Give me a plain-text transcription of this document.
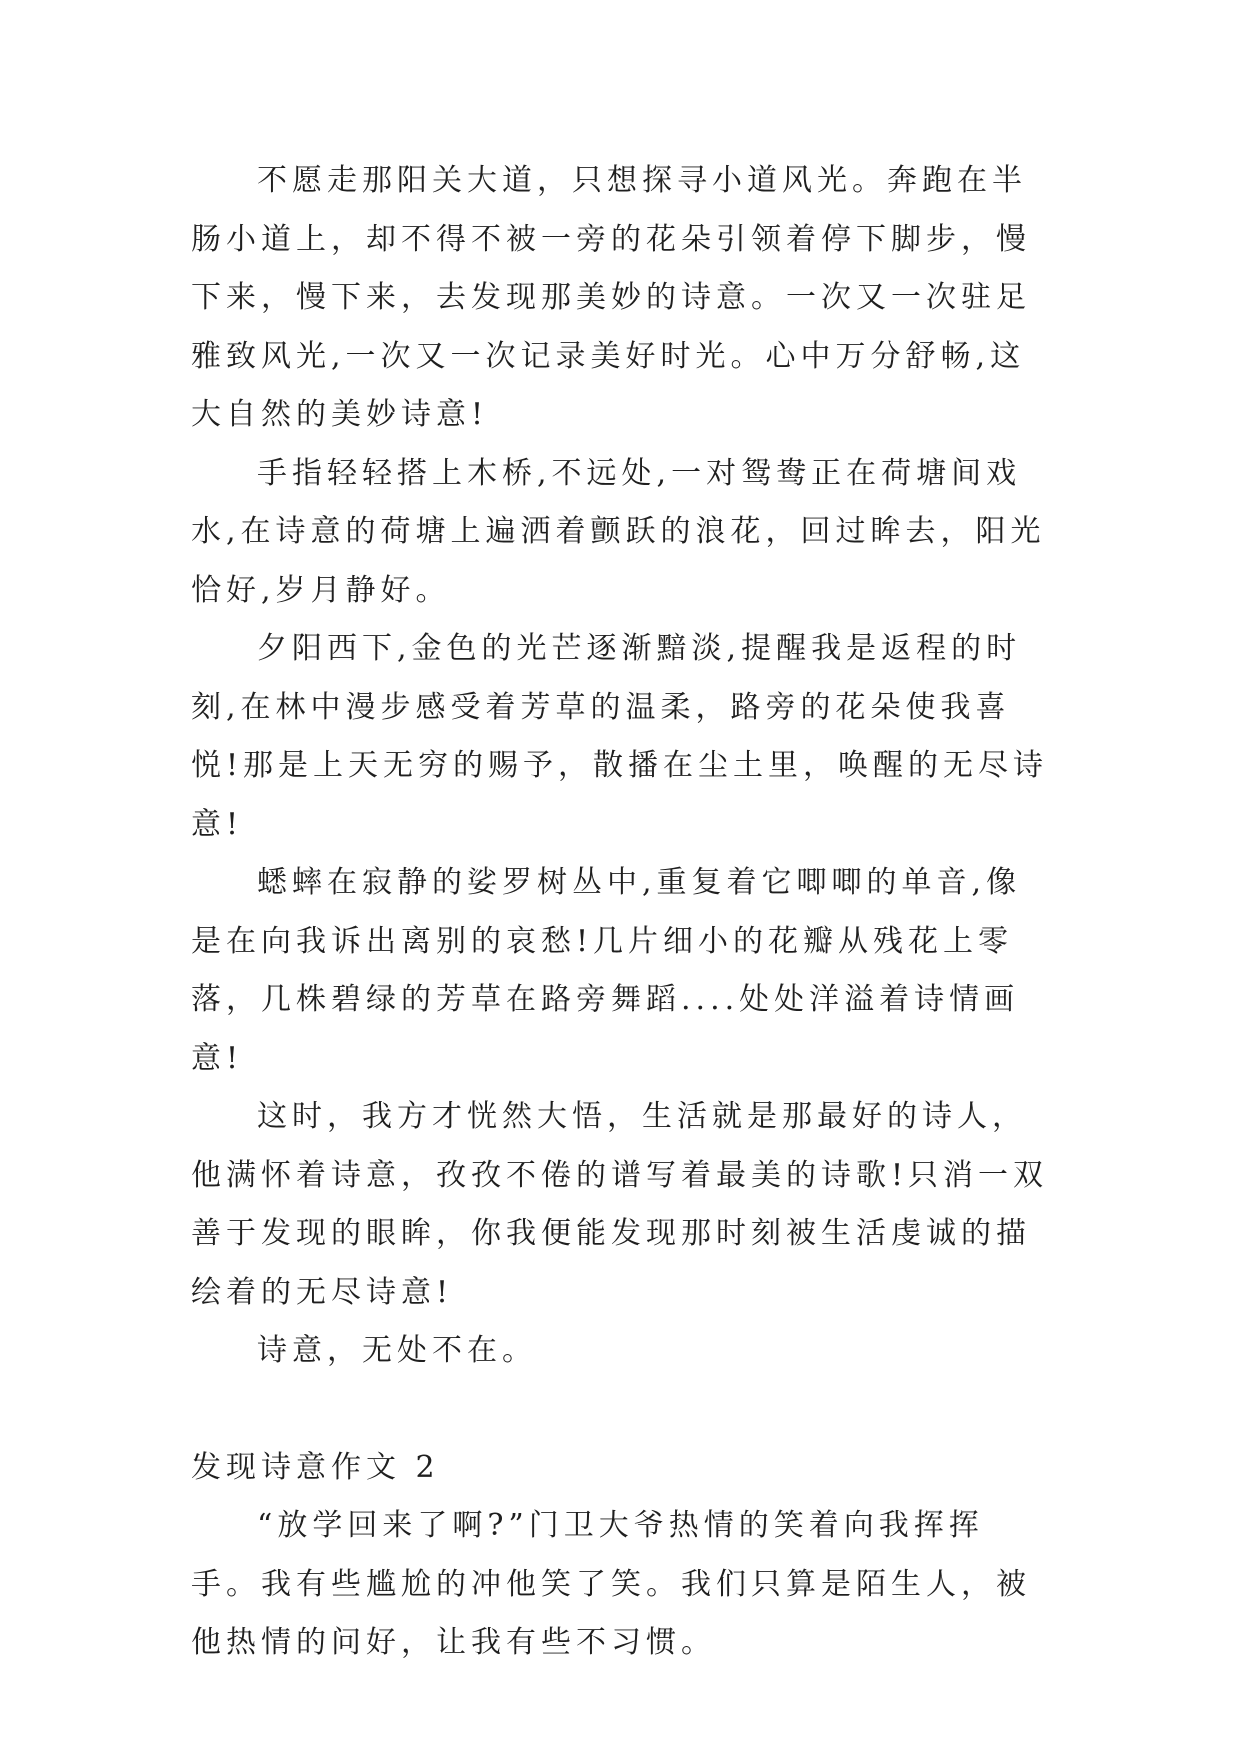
不愿走那阳关大道，只想探寻小道风光。奔跑在半肠小道上，却不得不被一旁的花朵引领着停下脚步，慢下来，慢下来，去发现那美妙的诗意。一次又一次驻足雅致风光,一次又一次记录美好时光。心中万分舒畅,这大自然的美妙诗意!

手指轻轻搭上木桥,不远处,一对鸳鸯正在荷塘间戏水,在诗意的荷塘上遍洒着颤跃的浪花，回过眸去，阳光恰好,岁月静好。

夕阳西下,金色的光芒逐渐黯淡,提醒我是返程的时刻,在林中漫步感受着芳草的温柔，路旁的花朵使我喜悦!那是上天无穷的赐予，散播在尘土里，唤醒的无尽诗意!

蟋蟀在寂静的娑罗树丛中,重复着它唧唧的单音,像是在向我诉出离别的哀愁!几片细小的花瓣从残花上零落，几株碧绿的芳草在路旁舞蹈....处处洋溢着诗情画意!

这时，我方才恍然大悟，生活就是那最好的诗人，他满怀着诗意，孜孜不倦的谱写着最美的诗歌!只消一双善于发现的眼眸，你我便能发现那时刻被生活虔诚的描绘着的无尽诗意!

诗意，无处不在。

发现诗意作文 2

“放学回来了啊?”门卫大爷热情的笑着向我挥挥手。我有些尴尬的冲他笑了笑。我们只算是陌生人，被他热情的问好，让我有些不习惯。
